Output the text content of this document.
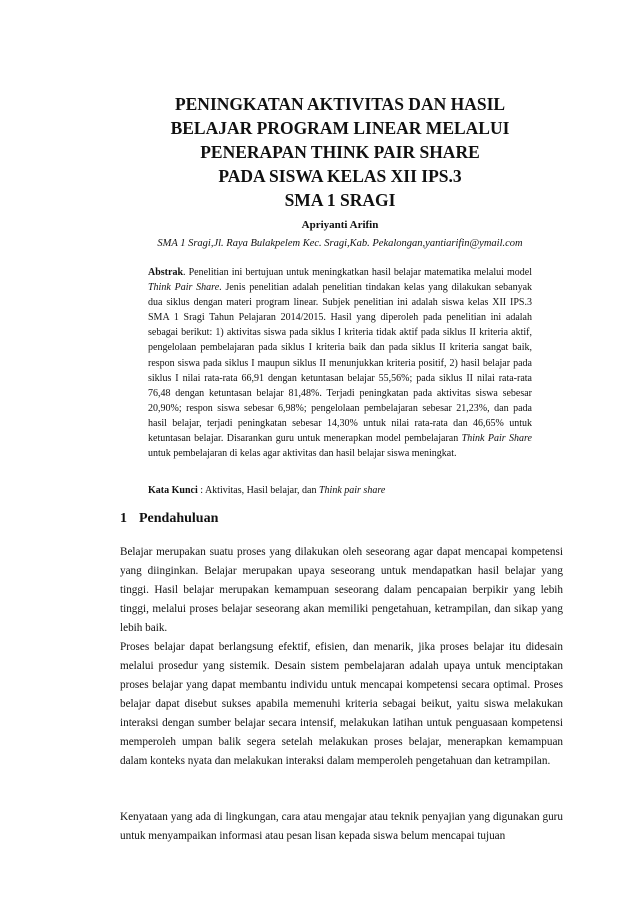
PENINGKATAN AKTIVITAS DAN HASIL
BELAJAR PROGRAM LINEAR MELALUI
PENERAPAN THINK PAIR SHARE
PADA SISWA KELAS XII IPS.3
SMA 1 SRAGI

Apriyanti Arifin

SMA 1 Sragi,Jl. Raya Bulakpelem Kec. Sragi,Kab. Pekalongan,yantiarifin@ymail.com

Abstrak. Penelitian ini bertujuan untuk meningkatkan hasil belajar matematika melalui model Think Pair Share. Jenis penelitian adalah penelitian tindakan kelas yang dilakukan sebanyak dua siklus dengan materi program linear. Subjek penelitian ini adalah siswa kelas XII IPS.3 SMA 1 Sragi Tahun Pelajaran 2014/2015. Hasil yang diperoleh pada penelitian ini adalah sebagai berikut: 1) aktivitas siswa pada siklus I kriteria tidak aktif pada siklus II kriteria aktif, pengelolaan pembelajaran pada siklus I kriteria baik dan pada siklus II kriteria sangat baik, respon siswa pada siklus I maupun siklus II menunjukkan kriteria positif, 2) hasil belajar pada siklus I nilai rata-rata 66,91 dengan ketuntasan belajar 55,56%; pada siklus II nilai rata-rata 76,48 dengan ketuntasan belajar 81,48%. Terjadi peningkatan pada aktivitas siswa sebesar 20,90%; respon siswa sebesar 6,98%; pengelolaan pembelajaran sebesar 21,23%, dan pada hasil belajar, terjadi peningkatan sebesar 14,30% untuk nilai rata-rata dan 46,65% untuk ketuntasan belajar. Disarankan guru untuk menerapkan model pembelajaran Think Pair Share untuk pembelajaran di kelas agar aktivitas dan hasil belajar siswa meningkat.

Kata Kunci : Aktivitas, Hasil belajar, dan Think pair share

1 Pendahuluan

Belajar merupakan suatu proses yang dilakukan oleh seseorang agar dapat mencapai kompetensi yang diinginkan. Belajar merupakan upaya seseorang untuk mendapatkan hasil belajar yang tinggi. Hasil belajar merupakan kemampuan seseorang dalam pencapaian berpikir yang lebih tinggi, melalui proses belajar seseorang akan memiliki pengetahuan, ketrampilan, dan sikap yang lebih baik.

Proses belajar dapat berlangsung efektif, efisien, dan menarik, jika proses belajar itu didesain melalui prosedur yang sistemik. Desain sistem pembelajaran adalah upaya untuk menciptakan proses belajar yang dapat membantu individu untuk mencapai kompetensi secara optimal. Proses belajar dapat disebut sukses apabila memenuhi kriteria sebagai beikut, yaitu siswa melakukan interaksi dengan sumber belajar secara intensif, melakukan latihan untuk penguasaan kompetensi memperoleh umpan balik segera setelah melakukan proses belajar, menerapkan kemampuan dalam konteks nyata dan melakukan interaksi dalam memperoleh pengetahuan dan ketrampilan.

Kenyataan yang ada di lingkungan, cara atau mengajar atau teknik penyajian yang digunakan guru untuk menyampaikan informasi atau pesan lisan kepada siswa belum mencapai tujuan
